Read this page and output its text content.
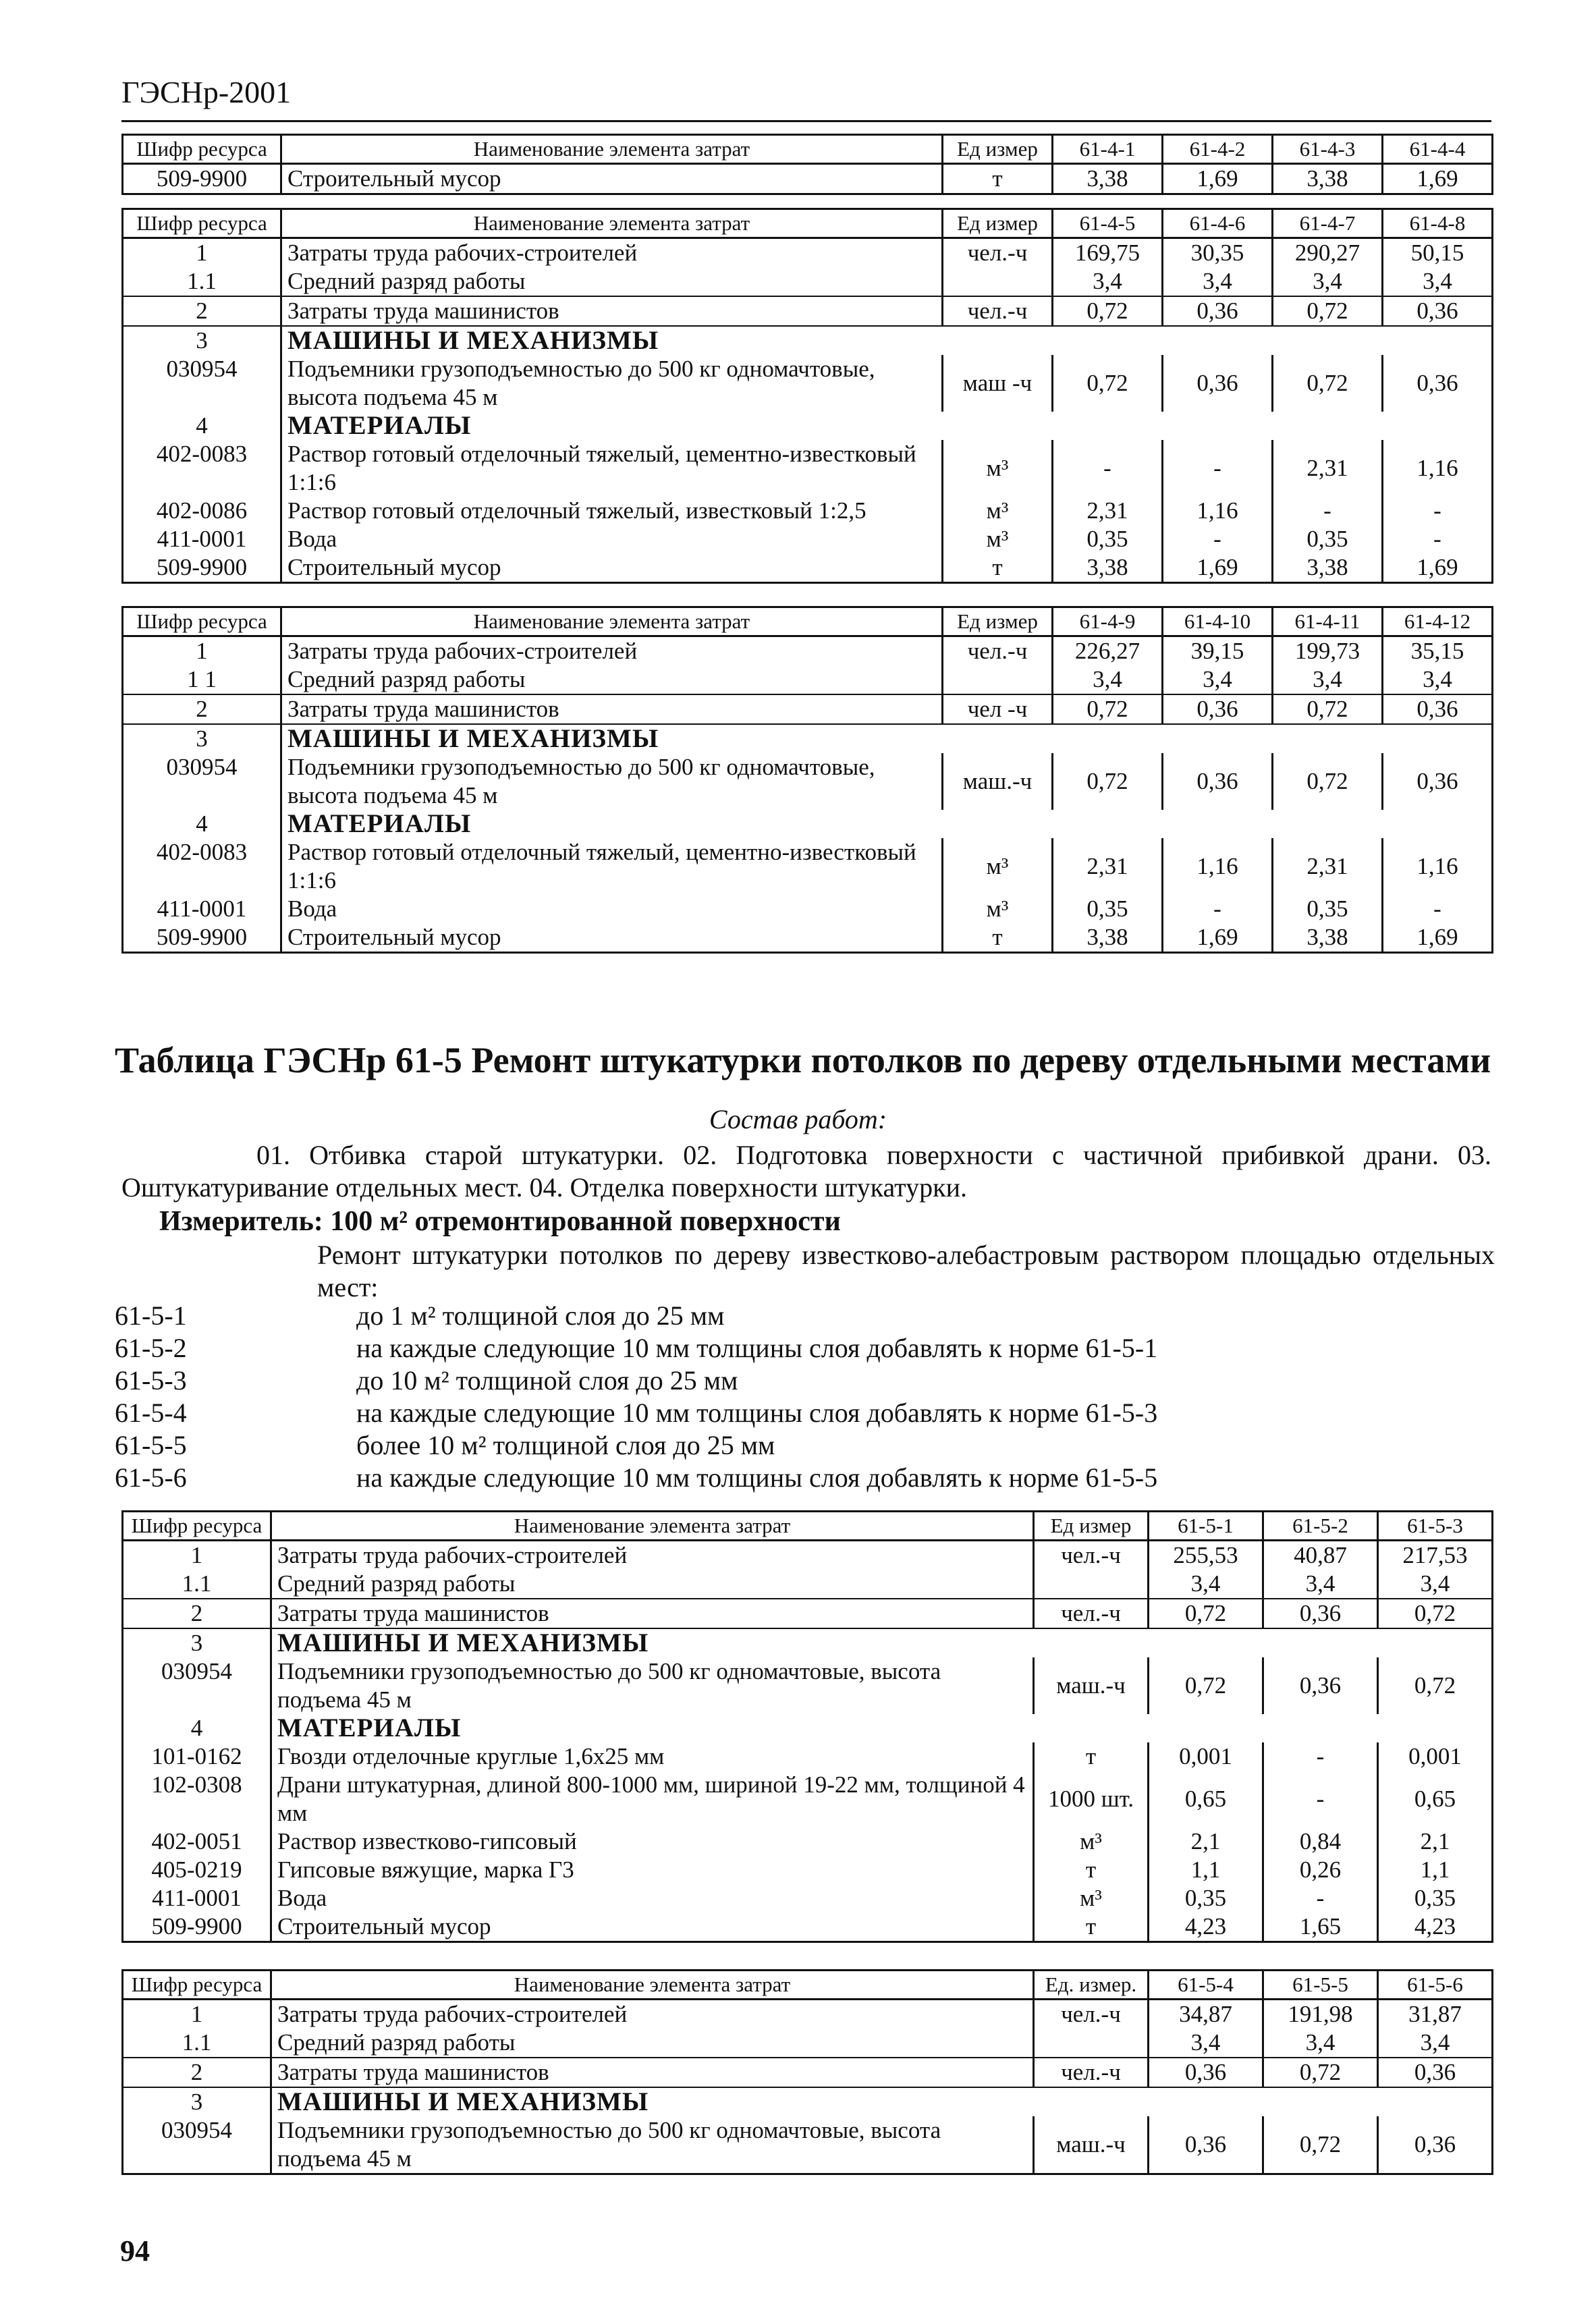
ГЭСНр-2001
Шифр ресурса	Наименование элемента затрат	Ед измер	61-4-1	61-4-2	61-4-3	61-4-4
509-9900	Строительный мусор	т	3,38	1,69	3,38	1,69
Шифр ресурса	Наименование элемента затрат	Ед измер	61-4-5	61-4-6	61-4-7	61-4-8
1	Затраты труда рабочих-строителей	чел.-ч	169,75	30,35	290,27	50,15
1.1	Средний разряд работы		3,4	3,4	3,4	3,4
2	Затраты труда машинистов	чел.-ч	0,72	0,36	0,72	0,36
3	МАШИНЫ И МЕХАНИЗМЫ					
030954	Подъемники грузоподъемностью до 500 кг одномачтовые, высота подъема 45 м	маш -ч	0,72	0,36	0,72	0,36
4	МАТЕРИАЛЫ					
402-0083	Раствор готовый отделочный тяжелый, цементно-известковый 1:1:6	м³	-	-	2,31	1,16
402-0086	Раствор готовый отделочный тяжелый, известковый 1:2,5	м³	2,31	1,16	-	-
411-0001	Вода	м³	0,35	-	0,35	-
509-9900	Строительный мусор	т	3,38	1,69	3,38	1,69
Шифр ресурса	Наименование элемента затрат	Ед измер	61-4-9	61-4-10	61-4-11	61-4-12
1	Затраты труда рабочих-строителей	чел.-ч	226,27	39,15	199,73	35,15
1 1	Средний разряд работы		3,4	3,4	3,4	3,4
2	Затраты труда машинистов	чел -ч	0,72	0,36	0,72	0,36
3	МАШИНЫ И МЕХАНИЗМЫ					
030954	Подъемники грузоподъемностью до 500 кг одномачтовые, высота подъема 45 м	маш.-ч	0,72	0,36	0,72	0,36
4	МАТЕРИАЛЫ					
402-0083	Раствор готовый отделочный тяжелый, цементно-известковый 1:1:6	м³	2,31	1,16	2,31	1,16
411-0001	Вода	м³	0,35	-	0,35	-
509-9900	Строительный мусор	т	3,38	1,69	3,38	1,69
Таблица ГЭСНр 61-5 Ремонт штукатурки потолков по дереву отдельными местами
Состав работ:
01. Отбивка старой штукатурки. 02. Подготовка поверхности с частичной прибивкой драни. 03. Оштукатуривание отдельных мест. 04. Отделка поверхности штукатурки.
Измеритель: 100 м² отремонтированной поверхности
Ремонт штукатурки потолков по дереву известково-алебастровым раствором площадью отдельных мест:
61-5-1	до 1 м² толщиной слоя до 25 мм
61-5-2	на каждые следующие 10 мм толщины слоя добавлять к норме 61-5-1
61-5-3	до 10 м² толщиной слоя до 25 мм
61-5-4	на каждые следующие 10 мм толщины слоя добавлять к норме 61-5-3
61-5-5	более 10 м² толщиной слоя до 25 мм
61-5-6	на каждые следующие 10 мм толщины слоя добавлять к норме 61-5-5
Шифр ресурса	Наименование элемента затрат	Ед измер	61-5-1	61-5-2	61-5-3
1	Затраты труда рабочих-строителей	чел.-ч	255,53	40,87	217,53
1.1	Средний разряд работы		3,4	3,4	3,4
2	Затраты труда машинистов	чел.-ч	0,72	0,36	0,72
3	МАШИНЫ И МЕХАНИЗМЫ				
030954	Подъемники грузоподъемностью до 500 кг одномачтовые, высота подъема 45 м	маш.-ч	0,72	0,36	0,72
4	МАТЕРИАЛЫ				
101-0162	Гвозди отделочные круглые 1,6х25 мм	т	0,001	-	0,001
102-0308	Драни штукатурная, длиной 800-1000 мм, шириной 19-22 мм, толщиной 4 мм	1000 шт.	0,65	-	0,65
402-0051	Раствор известково-гипсовый	м³	2,1	0,84	2,1
405-0219	Гипсовые вяжущие, марка Г3	т	1,1	0,26	1,1
411-0001	Вода	м³	0,35	-	0,35
509-9900	Строительный мусор	т	4,23	1,65	4,23
Шифр ресурса	Наименование элемента затрат	Ед. измер.	61-5-4	61-5-5	61-5-6
1	Затраты труда рабочих-строителей	чел.-ч	34,87	191,98	31,87
1.1	Средний разряд работы		3,4	3,4	3,4
2	Затраты труда машинистов	чел.-ч	0,36	0,72	0,36
3	МАШИНЫ И МЕХАНИЗМЫ				
030954	Подъемники грузоподъемностью до 500 кг одномачтовые, высота подъема 45 м	маш.-ч	0,36	0,72	0,36
94
